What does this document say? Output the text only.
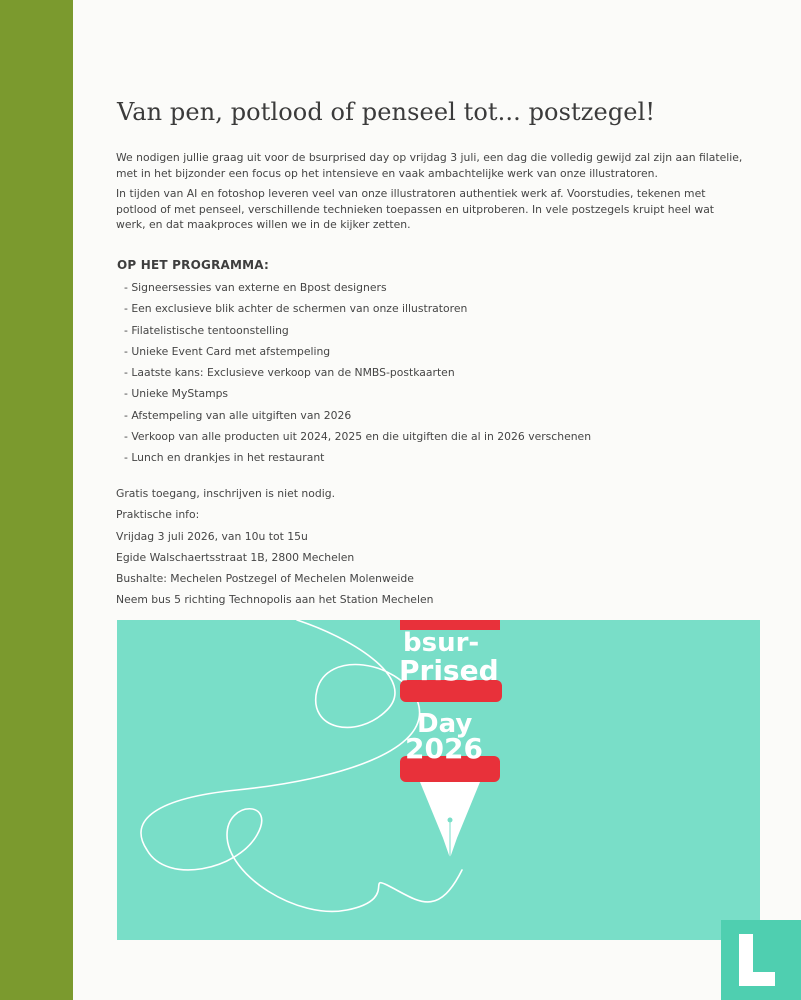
Van pen, potlood of penseel tot... postzegel!

We nodigen jullie graag uit voor de bsurprised day op vrijdag 3 juli, een dag die volledig gewijd zal zijn aan filatelie, met in het bijzonder een focus op het intensieve en vaak ambachtelijke werk van onze illustratoren.

In tijden van AI en fotoshop leveren veel van onze illustratoren authentiek werk af. Voorstudies, tekenen met potlood of met penseel, verschillende technieken toepassen en uitproberen. In vele postzegels kruipt heel wat werk, en dat maakproces willen we in de kijker zetten.

OP HET PROGRAMMA:
- Signeersessies van externe en Bpost designers
- Een exclusieve blik achter de schermen van onze illustratoren
- Filatelistische tentoonstelling
- Unieke Event Card met afstempeling
- Laatste kans: Exclusieve verkoop van de NMBS-postkaarten
- Unieke MyStamps
- Afstempeling van alle uitgiften van 2026
- Verkoop van alle producten uit 2024, 2025 en die uitgiften die al in 2026 verschenen
- Lunch en drankjes in het restaurant
Gratis toegang, inschrijven is niet nodig.
Praktische info:
Vrijdag 3 juli 2026, van 10u tot 15u
Egide Walschaertsstraat 1B, 2800 Mechelen
Bushalte: Mechelen Postzegel of Mechelen Molenweide
Neem bus 5 richting Technopolis aan het Station Mechelen
bsur-
Prised
Day
2026
